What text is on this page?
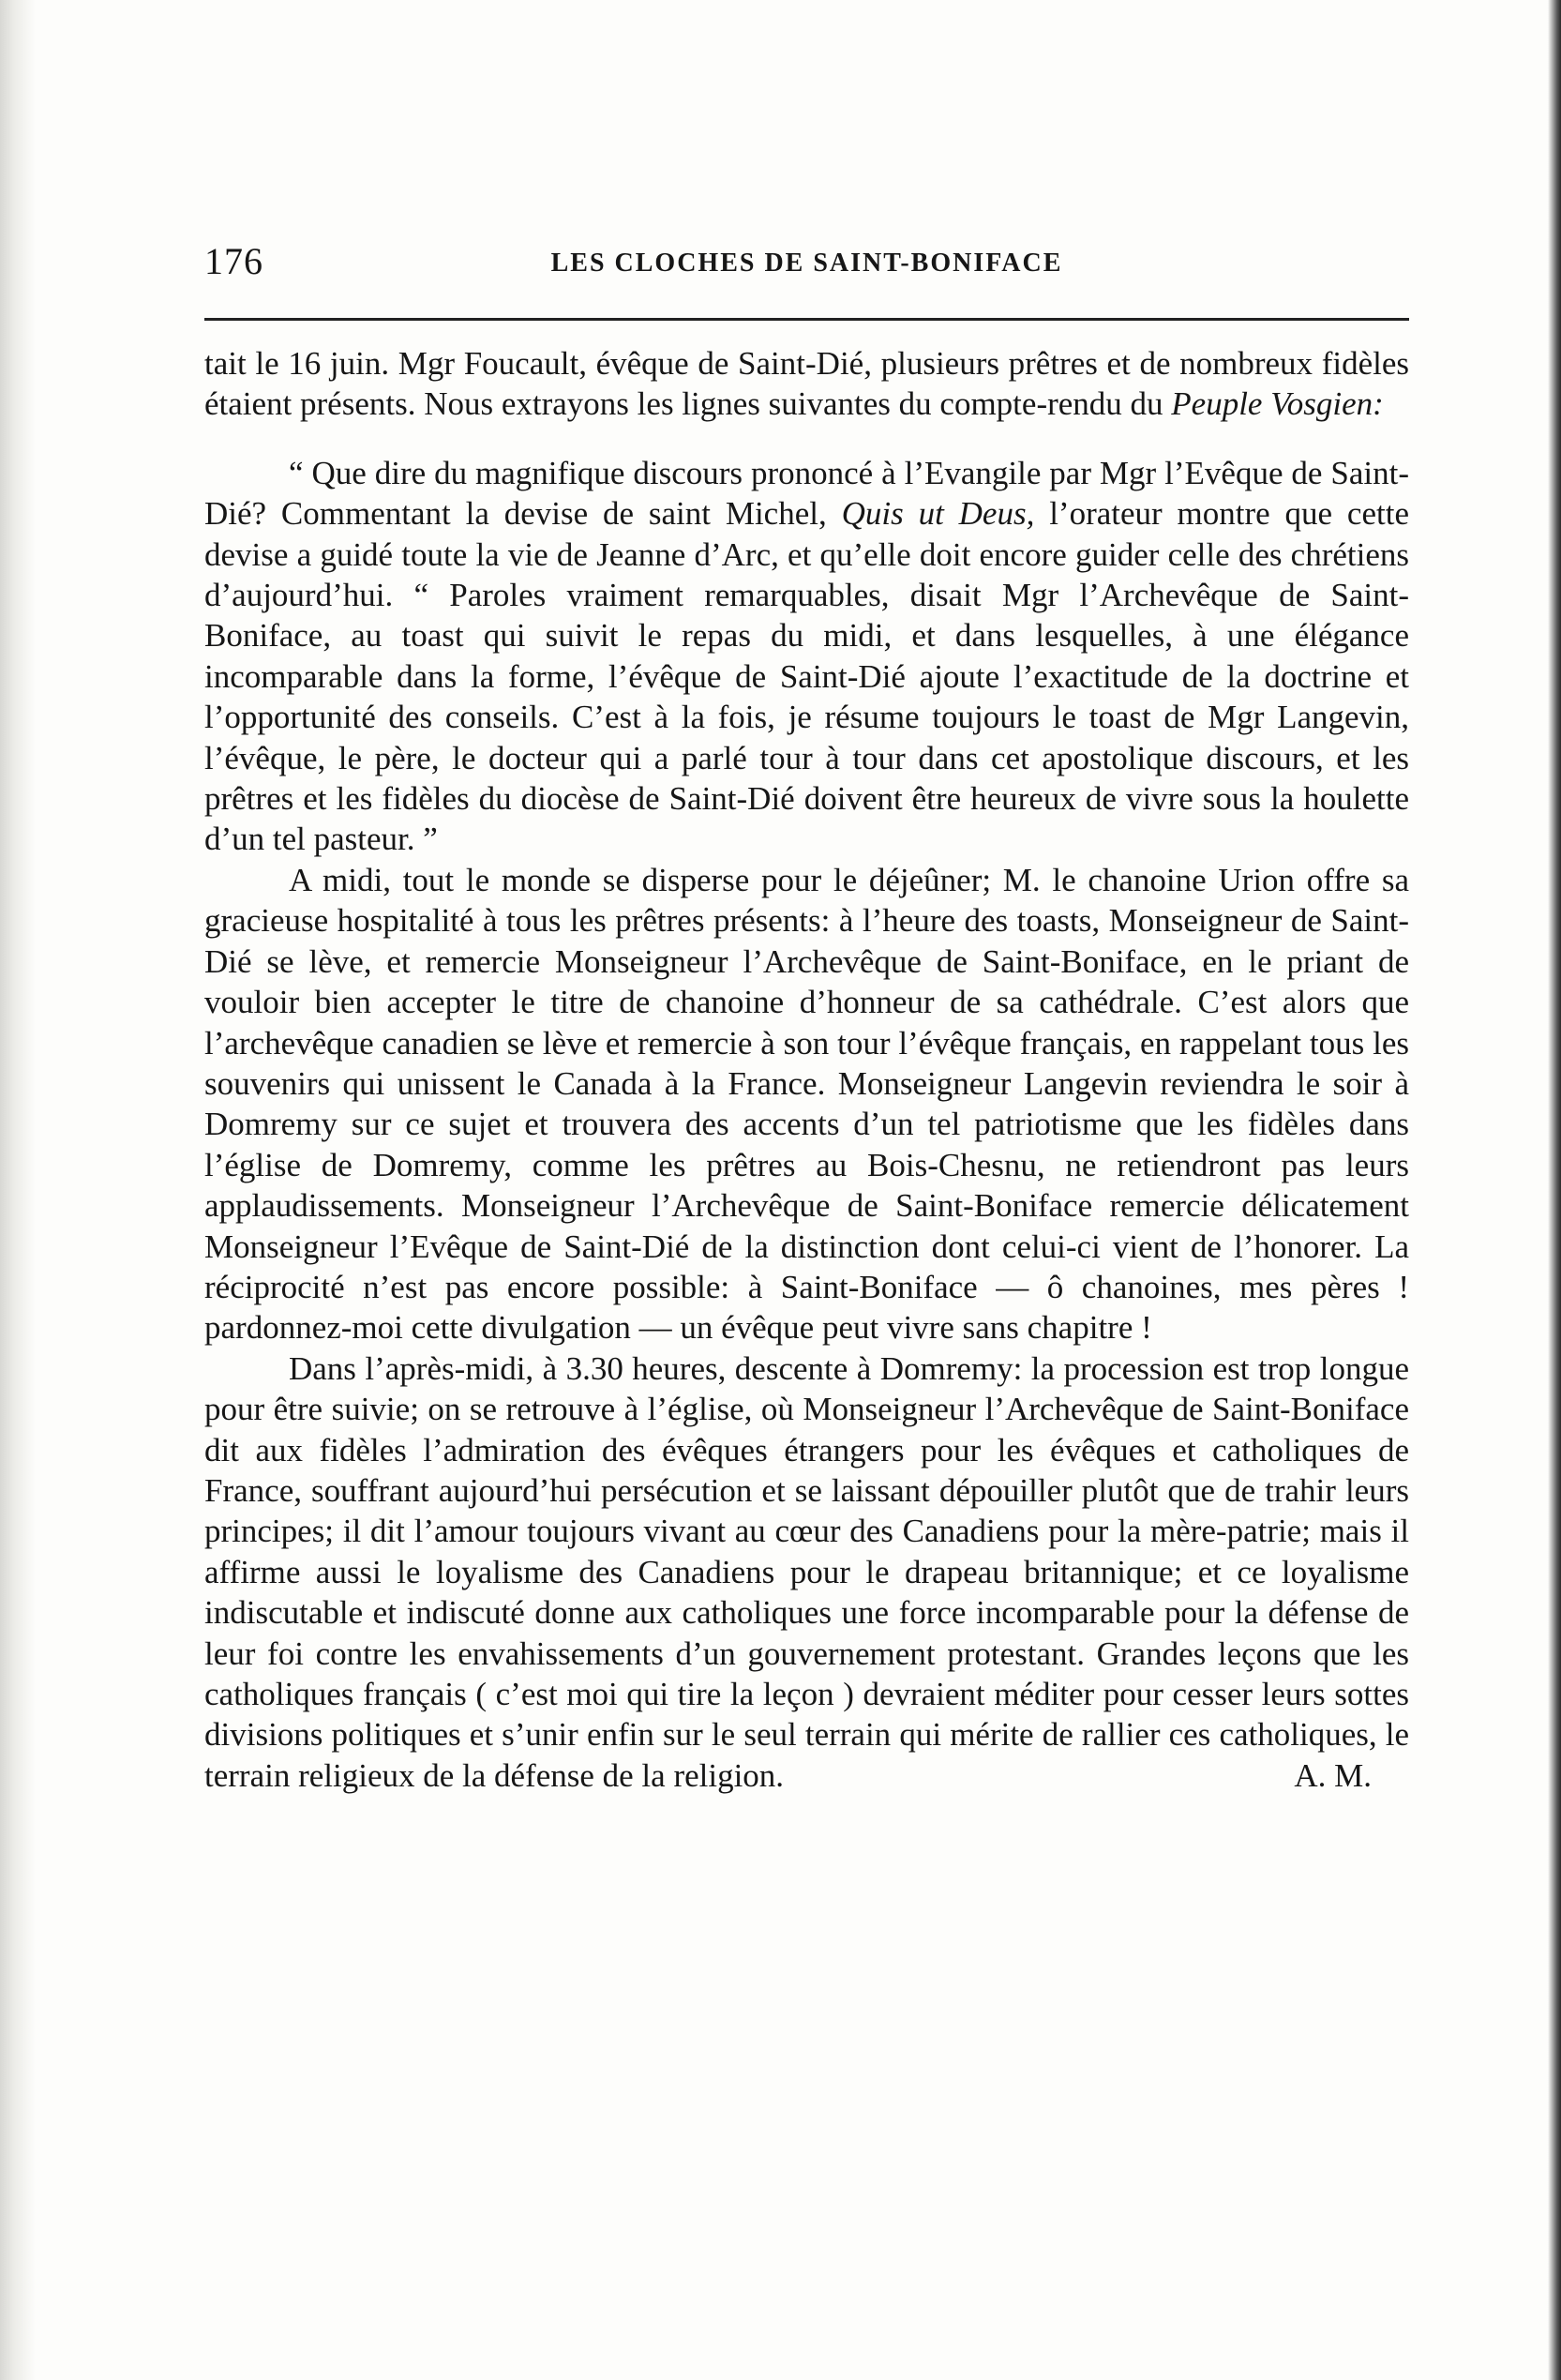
176	LES CLOCHES DE SAINT-BONIFACE

tait le 16 juin. Mgr Foucault, évêque de Saint-Dié, plusieurs prêtres et de nombreux fidèles étaient présents. Nous extrayons les lignes suivantes du compte-rendu du Peuple Vosgien:

“ Que dire du magnifique discours prononcé à l’Evangile par Mgr l’Evêque de Saint-Dié? Commentant la devise de saint Michel, Quis ut Deus, l’orateur montre que cette devise a guidé toute la vie de Jeanne d’Arc, et qu’elle doit encore guider celle des chrétiens d’aujourd’hui. “ Paroles vraiment remarquables, disait Mgr l’Archevêque de Saint-Boniface, au toast qui suivit le repas du midi, et dans lesquelles, à une élégance incomparable dans la forme, l’évêque de Saint-Dié ajoute l’exactitude de la doctrine et l’opportunité des conseils. C’est à la fois, je résume toujours le toast de Mgr Langevin, l’évêque, le père, le docteur qui a parlé tour à tour dans cet apostolique discours, et les prêtres et les fidèles du diocèse de Saint-Dié doivent être heureux de vivre sous la houlette d’un tel pasteur. ”

A midi, tout le monde se disperse pour le déjeûner; M. le chanoine Urion offre sa gracieuse hospitalité à tous les prêtres présents: à l’heure des toasts, Monseigneur de Saint-Dié se lève, et remercie Monseigneur l’Archevêque de Saint-Boniface, en le priant de vouloir bien accepter le titre de chanoine d’honneur de sa cathédrale. C’est alors que l’archevêque canadien se lève et remercie à son tour l’évêque français, en rappelant tous les souvenirs qui unissent le Canada à la France. Monseigneur Langevin reviendra le soir à Domremy sur ce sujet et trouvera des accents d’un tel patriotisme que les fidèles dans l’église de Domremy, comme les prêtres au Bois-Chesnu, ne retiendront pas leurs applaudissements. Monseigneur l’Archevêque de Saint-Boniface remercie délicatement Monseigneur l’Evêque de Saint-Dié de la distinction dont celui-ci vient de l’honorer. La réciprocité n’est pas encore possible: à Saint-Boniface — ô chanoines, mes pères ! pardonnez-moi cette divulgation — un évêque peut vivre sans chapitre !

Dans l’après-midi, à 3.30 heures, descente à Domremy: la procession est trop longue pour être suivie; on se retrouve à l’église, où Monseigneur l’Archevêque de Saint-Boniface dit aux fidèles l’admiration des évêques étrangers pour les évêques et catholiques de France, souffrant aujourd’hui persécution et se laissant dépouiller plutôt que de trahir leurs principes; il dit l’amour toujours vivant au cœur des Canadiens pour la mère-patrie; mais il affirme aussi le loyalisme des Canadiens pour le drapeau britannique; et ce loyalisme indiscutable et indiscuté donne aux catholiques une force incomparable pour la défense de leur foi contre les envahissements d’un gouvernement protestant. Grandes leçons que les catholiques français ( c’est moi qui tire la leçon ) devraient méditer pour cesser leurs sottes divisions politiques et s’unir enfin sur le seul terrain qui mérite de rallier ces catholiques, le terrain religieux de la défense de la religion.	A. M.
